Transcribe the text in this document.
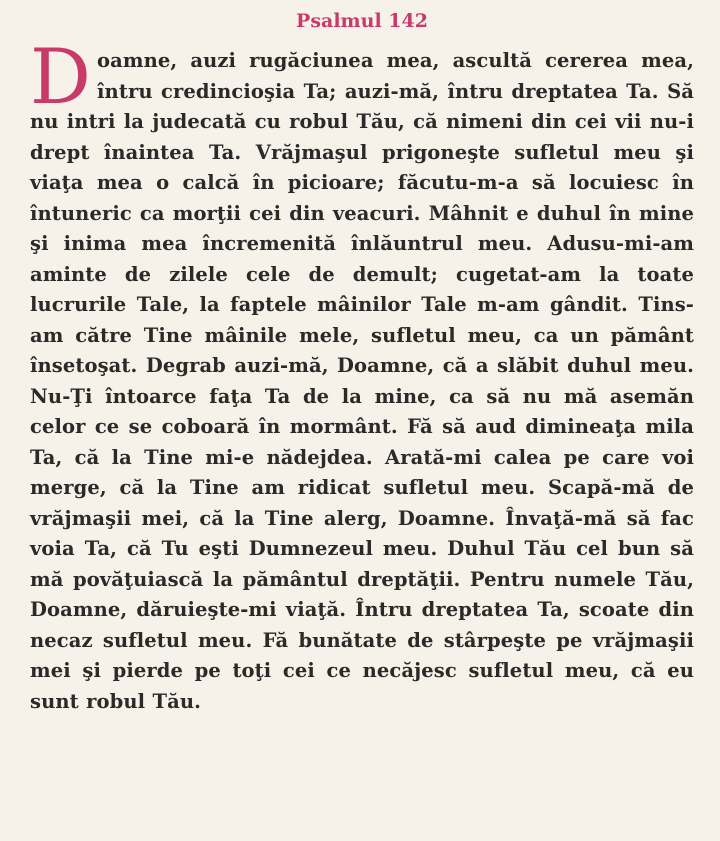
Psalmul 142

Doamne, auzi rugăciunea mea, ascultă cererea mea, întru credincioşia Ta; auzi-mă, întru dreptatea Ta. Să nu intri la judecată cu robul Tău, că nimeni din cei vii nu-i drept înaintea Ta. Vrăjmaşul prigoneşte sufletul meu şi viaţa mea o calcă în picioare; făcutu-m-a să locuiesc în întuneric ca morţii cei din veacuri. Mâhnit e duhul în mine şi inima mea încremenită înlăuntrul meu. Adusu-mi-am aminte de zilele cele de demult; cugetat-am la toate lucrurile Tale, la faptele mâinilor Tale m-am gândit. Tins-am către Tine mâinile mele, sufletul meu, ca un pământ însetoşat. Degrab auzi-mă, Doamne, că a slăbit duhul meu. Nu-Ţi întoarce faţa Ta de la mine, ca să nu mă asemăn celor ce se coboară în mormânt. Fă să aud dimineaţa mila Ta, că la Tine mi-e nădejdea. Arată-mi calea pe care voi merge, că la Tine am ridicat sufletul meu. Scapă-mă de vrăjmaşii mei, că la Tine alerg, Doamne. Învaţă-mă să fac voia Ta, că Tu eşti Dumnezeul meu. Duhul Tău cel bun să mă povăţuiască la pământul dreptăţii. Pentru numele Tău, Doamne, dăruieşte-mi viaţă. Întru dreptatea Ta, scoate din necaz sufletul meu. Fă bunătate de stârpeşte pe vrăjmaşii mei şi pierde pe toţi cei ce necăjesc sufletul meu, că eu sunt robul Tău.
